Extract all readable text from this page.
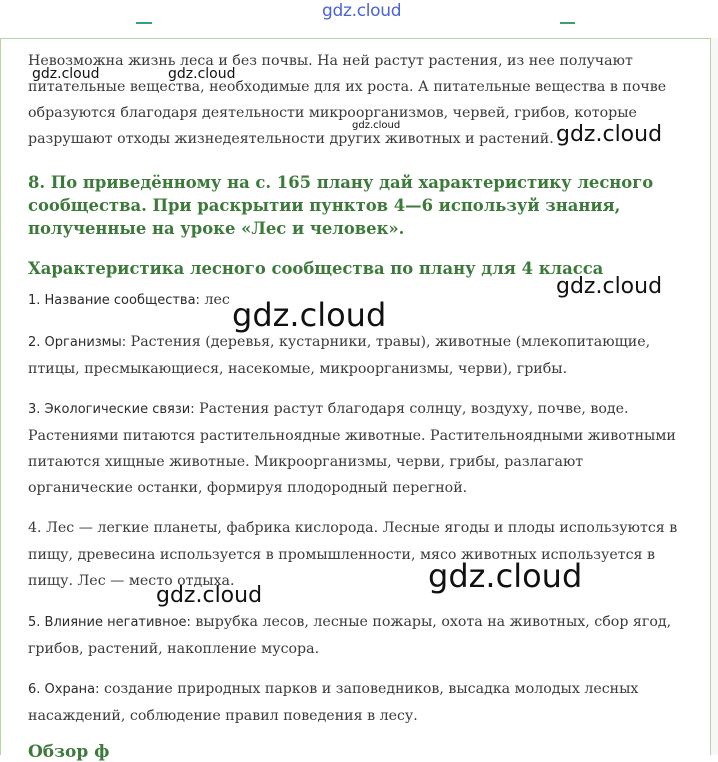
gdz.cloud

Невозможна жизнь леса и без почвы. На ней растут растения, из нее получают питательные вещества, необходимые для их роста. А питательные вещества в почве образуются благодаря деятельности микроорганизмов, червей, грибов, которые разрушают отходы жизнедеятельности других животных и растений.

8. По приведённому на с. 165 плану дай характеристику лесного сообщества. При раскрытии пунктов 4—6 используй знания, полученные на уроке «Лес и человек».
Характеристика лесного сообщества по плану для 4 класса

1. Название сообщества: лес

2. Организмы: Растения (деревья, кустарники, травы), животные (млекопитающие, птицы, пресмыкающиеся, насекомые, микроорганизмы, черви), грибы.

3. Экологические связи: Растения растут благодаря солнцу, воздуху, почве, воде. Растениями питаются растительноядные животные. Растительноядными животными питаются хищные животные. Микроорганизмы, черви, грибы, разлагают органические останки, формируя плодородный перегной.

4. Лес — легкие планеты, фабрика кислорода. Лесные ягоды и плоды используются в пищу, древесина используется в промышленности, мясо животных используется в пищу. Лес — место отдыха.

5. Влияние негативное: вырубка лесов, лесные пожары, охота на животных, сбор ягод, грибов, растений, накопление мусора.

6. Охрана: создание природных парков и заповедников, высадка молодых лесных насаждений, соблюдение правил поведения в лесу.

Обзор ф
gdz.cloud	gdz.cloud
gdz.cloud	gdz.cloud
gdz.cloud
gdz.cloud
gdz.cloud
gdz.cloud
